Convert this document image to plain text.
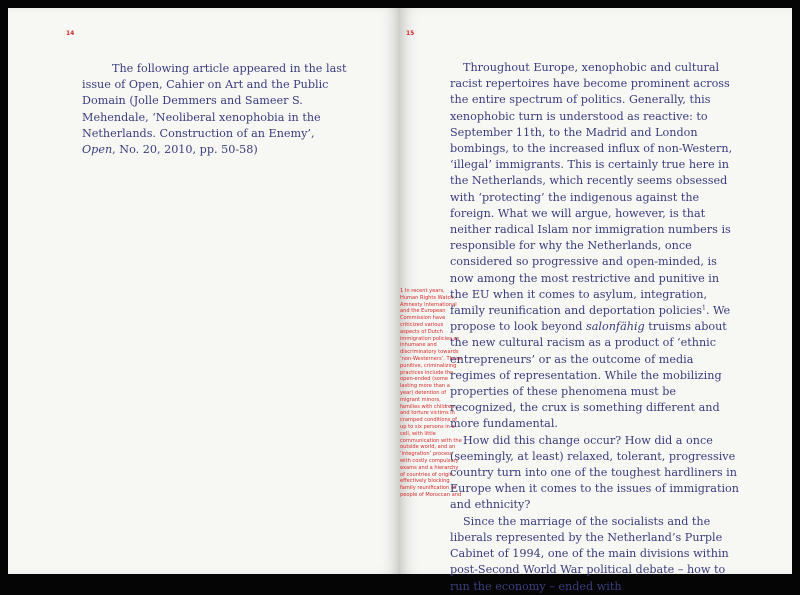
14

The following article appeared in the last issue of Open, Cahier on Art and the Public Domain (Jolle Demmers and Sameer S. Mehendale, ‘Neoliberal xenophobia in the Netherlands. Construction of an Enemy’, Open, No. 20, 2010, pp. 50-58)

15

1 In recent years, Human Rights Watch, Amnesty International and the European Commission have criticized various aspects of Dutch immigration policies as inhumane and discriminatory towards ‘non-Westerners’. These punitive, criminalizing practices include the open-ended (some lasting more than a year) detention of migrant minors, families with children, and torture victims in cramped conditions of up to six persons in a cell, with little communication with the outside world, and an ‘integration’ process with costly compulsory exams and a hierarchy of countries of origin, effectively blocking family reunification of people of Moroccan and

Throughout Europe, xenophobic and cultural racist repertoires have become prominent across the entire spectrum of politics. Generally, this xenophobic turn is understood as reactive: to September 11th, to the Madrid and London bombings, to the increased influx of non-Western, ‘illegal’ immigrants. This is certainly true here in the Netherlands, which recently seems obsessed with ‘protecting’ the indigenous against the foreign. What we will argue, however, is that neither radical Islam nor immigration numbers is responsible for why the Netherlands, once considered so progressive and open-minded, is now among the most restrictive and punitive in the EU when it comes to asylum, integration, family reunification and deportation policies$^1$. We propose to look beyond salonfähig truisms about the new cultural racism as a product of ‘ethnic entrepreneurs’ or as the outcome of media regimes of representation. While the mobilizing properties of these phenomena must be recognized, the crux is something different and more fundamental.

How did this change occur? How did a once (seemingly, at least) relaxed, tolerant, progressive country turn into one of the toughest hardliners in Europe when it comes to the issues of immigration and ethnicity?

Since the marriage of the socialists and the liberals represented by the Netherland’s Purple Cabinet of 1994, one of the main divisions within post-Second World War political debate – how to run the economy – ended with
